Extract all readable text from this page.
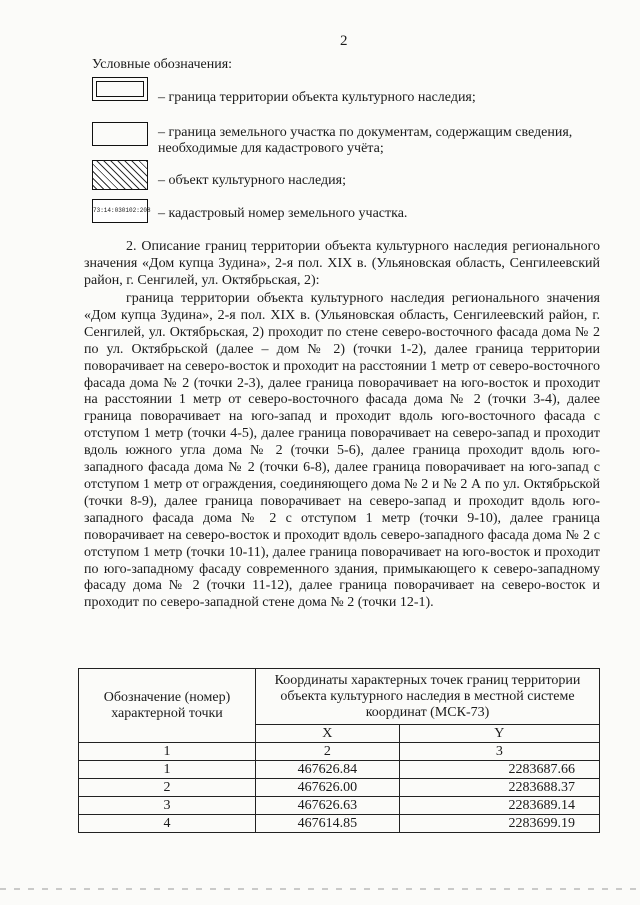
2
Условные обозначения:
– граница территории объекта культурного наследия;
– граница земельного участка по документам, содержащим сведения, необходимые для кадастрового учёта;
– объект культурного наследия;
73:14:030102:208 – кадастровый номер земельного участка.
2. Описание границ территории объекта культурного наследия регионального значения «Дом купца Зудина», 2-я пол. XIX в. (Ульяновская область, Сенгилеевский район, г. Сенгилей, ул. Октябрьская, 2):
граница территории объекта культурного наследия регионального значения «Дом купца Зудина», 2-я пол. XIX в. (Ульяновская область, Сенгилеевский район, г. Сенгилей, ул. Октябрьская, 2) проходит по стене северо-восточного фасада дома № 2 по ул. Октябрьской (далее – дом № 2) (точки 1-2), далее граница территории поворачивает на северо-восток и проходит на расстоянии 1 метр от северо-восточного фасада дома № 2 (точки 2-3), далее граница поворачивает на юго-восток и проходит на расстоянии 1 метр от северо-восточного фасада дома № 2 (точки 3-4), далее граница поворачивает на юго-запад и проходит вдоль юго-восточного фасада с отступом 1 метр (точки 4-5), далее граница поворачивает на северо-запад и проходит вдоль южного угла дома № 2 (точки 5-6), далее граница проходит вдоль юго-западного фасада дома № 2 (точки 6-8), далее граница поворачивает на юго-запад с отступом 1 метр от ограждения, соединяющего дома № 2 и № 2 А по ул. Октябрьской (точки 8-9), далее граница поворачивает на северо-запад и проходит вдоль юго-западного фасада дома № 2 с отступом 1 метр (точки 9-10), далее граница поворачивает на северо-восток и проходит вдоль северо-западного фасада дома № 2 с отступом 1 метр (точки 10-11), далее граница поворачивает на юго-восток и проходит по юго-западному фасаду современного здания, примыкающего к северо-западному фасаду дома № 2 (точки 11-12), далее граница поворачивает на северо-восток и проходит по северо-западной стене дома № 2 (точки 12-1).
Обозначение (номер) характерной точки	Координаты характерных точек границ территории объекта культурного наследия в местной системе координат (МСК-73)	
	X	Y
1	2	3
1	467626.84	2283687.66
2	467626.00	2283688.37
3	467626.63	2283689.14
4	467614.85	2283699.19
